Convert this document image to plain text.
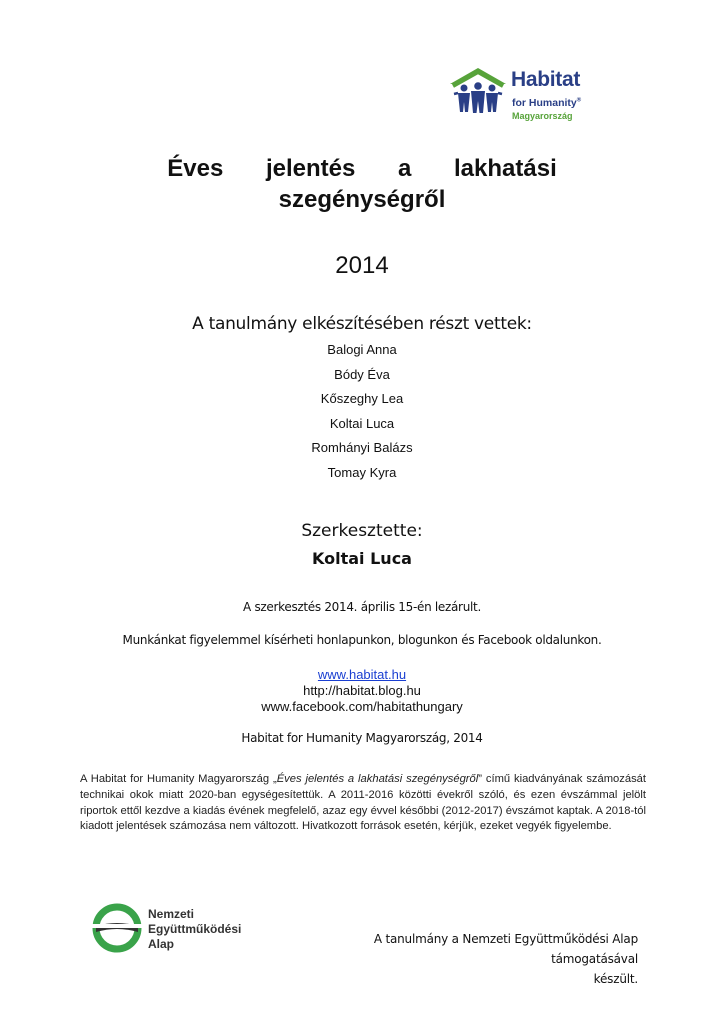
Habitat
for Humanity®
Magyarország
Éves jelentés a lakhatási
szegénységről
2014
A tanulmány elkészítésében részt vettek:
Balogi Anna
Bódy Éva
Kőszeghy Lea
Koltai Luca
Romhányi Balázs
Tomay Kyra
Szerkesztette:
Koltai Luca
A szerkesztés 2014. április 15-én lezárult.
Munkánkat figyelemmel kísérheti honlapunkon, blogunkon és Facebook oldalunkon.
www.habitat.hu
http://habitat.blog.hu
www.facebook.com/habitathungary
Habitat for Humanity Magyarország, 2014
A Habitat for Humanity Magyarország „Éves jelentés a lakhatási szegénységről” című kiadványának számozását technikai okok miatt 2020-ban egységesítettük. A 2011-2016 közötti évekről szóló, és ezen évszámmal jelölt riportok ettől kezdve a kiadás évének megfelelő, azaz egy évvel későbbi (2012-2017) évszámot kaptak. A 2018-tól kiadott jelentések számozása nem változott. Hivatkozott források esetén, kérjük, ezeket vegyék figyelembe.
Nemzeti
Együttműködési
Alap	A tanulmány a Nemzeti Együttműködési Alap támogatásával
készült.
